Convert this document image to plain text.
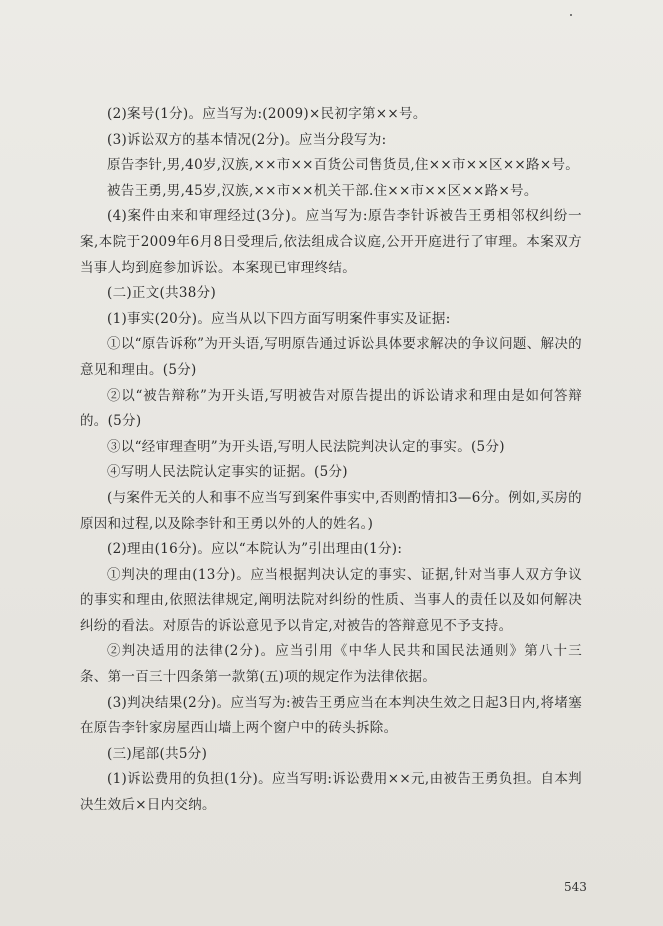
(2)案号(1分)。应当写为:(2009)×民初字第××号。

(3)诉讼双方的基本情况(2分)。应当分段写为:

原告李针,男,40岁,汉族,××市××百货公司售货员,住××市××区××路×号。

被告王勇,男,45岁,汉族,××市××机关干部.住××市××区××路×号。

(4)案件由来和审理经过(3分)。应当写为:原告李针诉被告王勇相邻权纠纷一案,本院于2009年6月8日受理后,依法组成合议庭,公开开庭进行了审理。本案双方当事人均到庭参加诉讼。本案现已审理终结。

(二)正文(共38分)

(1)事实(20分)。应当从以下四方面写明案件事实及证据:

①以“原告诉称”为开头语,写明原告通过诉讼具体要求解决的争议问题、解决的意见和理由。(5分)

②以“被告辩称”为开头语,写明被告对原告提出的诉讼请求和理由是如何答辩的。(5分)

③以“经审理查明”为开头语,写明人民法院判决认定的事实。(5分)

④写明人民法院认定事实的证据。(5分)

(与案件无关的人和事不应当写到案件事实中,否则酌情扣3—6分。例如,买房的原因和过程,以及除李针和王勇以外的人的姓名。)

(2)理由(16分)。应以“本院认为”引出理由(1分):

①判决的理由(13分)。应当根据判决认定的事实、证据,针对当事人双方争议的事实和理由,依照法律规定,阐明法院对纠纷的性质、当事人的责任以及如何解决纠纷的看法。对原告的诉讼意见予以肯定,对被告的答辩意见不予支持。

②判决适用的法律(2分)。应当引用《中华人民共和国民法通则》第八十三条、第一百三十四条第一款第(五)项的规定作为法律依据。

(3)判决结果(2分)。应当写为:被告王勇应当在本判决生效之日起3日内,将堵塞在原告李针家房屋西山墙上两个窗户中的砖头拆除。

(三)尾部(共5分)

(1)诉讼费用的负担(1分)。应当写明:诉讼费用××元,由被告王勇负担。自本判决生效后×日内交纳。

543
